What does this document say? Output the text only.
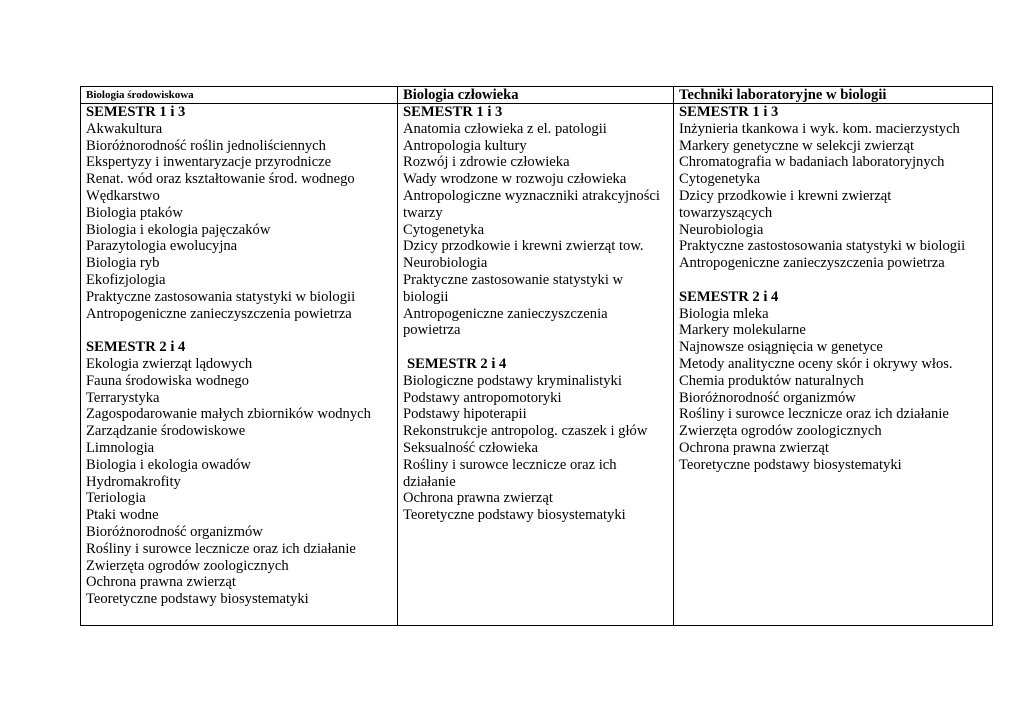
Biologia środowiskowa	Biologia człowieka	Techniki laboratoryjne w biologii
SEMESTR 1 i 3
Akwakultura
Bioróżnorodność roślin jednoliściennych
Ekspertyzy i inwentaryzacje przyrodnicze
Renat. wód oraz kształtowanie środ. wodnego
Wędkarstwo
Biologia ptaków
Biologia i ekologia pajęczaków
Parazytologia ewolucyjna
Biologia ryb
Ekofizjologia
Praktyczne zastosowania statystyki w biologii
Antropogeniczne zanieczyszczenia powietrza
SEMESTR 2 i 4
Ekologia zwierząt lądowych
Fauna środowiska wodnego
Terrarystyka
Zagospodarowanie małych zbiorników wodnych
Zarządzanie środowiskowe
Limnologia
Biologia i ekologia owadów
Hydromakrofity
Teriologia
Ptaki wodne
Bioróżnorodność organizmów
Rośliny i surowce lecznicze oraz ich działanie
Zwierzęta ogrodów zoologicznych
Ochrona prawna zwierząt
Teoretyczne podstawy biosystematyki
SEMESTR 1 i 3
Anatomia człowieka z el. patologii
Antropologia kultury
Rozwój i zdrowie człowieka
Wady wrodzone w rozwoju człowieka
Antropologiczne wyznaczniki atrakcyjności twarzy
Cytogenetyka
Dzicy przodkowie i krewni zwierząt tow.
Neurobiologia
Praktyczne zastosowanie statystyki w biologii
Antropogeniczne zanieczyszczenia powietrza
SEMESTR 2 i 4
Biologiczne podstawy kryminalistyki
Podstawy antropomotoryki
Podstawy hipoterapii
Rekonstrukcje antropolog. czaszek i głów
Seksualność człowieka
Rośliny i surowce lecznicze oraz ich działanie
Ochrona prawna zwierząt
Teoretyczne podstawy biosystematyki
SEMESTR 1 i 3
Inżynieria tkankowa i wyk. kom. macierzystych
Markery genetyczne w selekcji zwierząt
Chromatografia w badaniach laboratoryjnych
Cytogenetyka
Dzicy przodkowie i krewni zwierząt towarzyszących
Neurobiologia
Praktyczne zastostosowania statystyki w biologii
Antropogeniczne zanieczyszczenia powietrza
SEMESTR 2 i 4
Biologia mleka
Markery molekularne
Najnowsze osiągnięcia w genetyce
Metody analityczne oceny skór i okrywy włos.
Chemia produktów naturalnych
Bioróżnorodność organizmów
Rośliny i surowce lecznicze oraz ich działanie
Zwierzęta ogrodów zoologicznych
Ochrona prawna zwierząt
Teoretyczne podstawy biosystematyki
